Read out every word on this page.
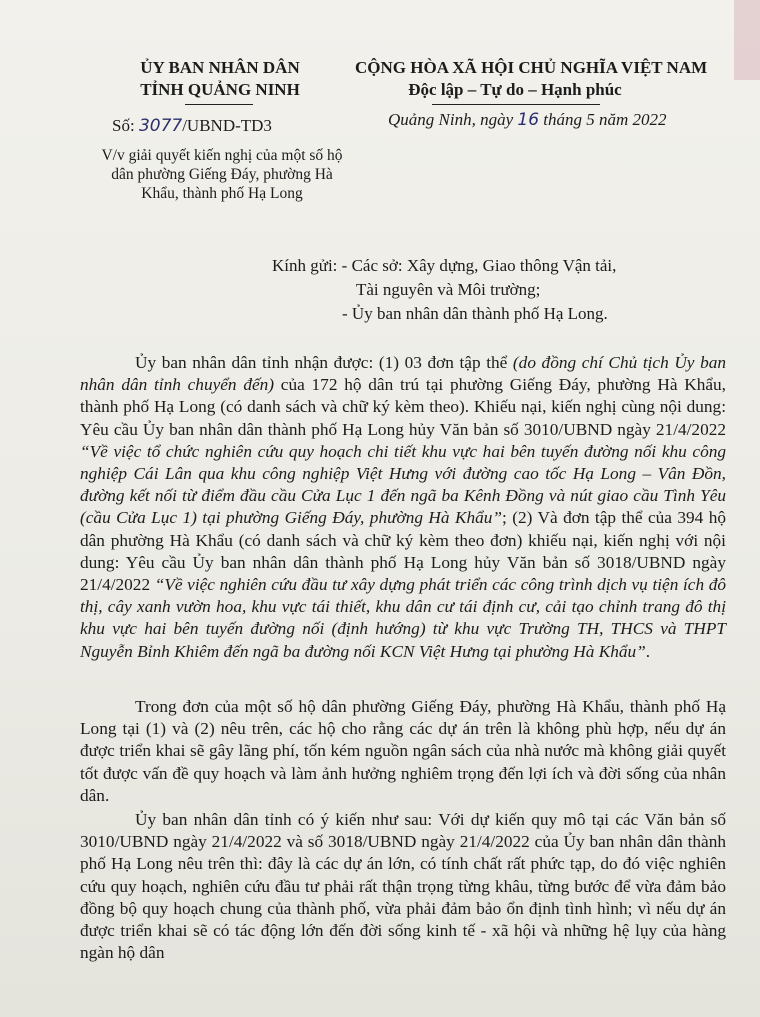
ỦY BAN NHÂN DÂN
TỈNH QUẢNG NINH
Số: 3077/UBND-TD3
V/v giải quyết kiến nghị của một số hộ
dân phường Giếng Đáy, phường Hà
Khẩu, thành phố Hạ Long
CỘNG HÒA XÃ HỘI CHỦ NGHĨA VIỆT NAM
Độc lập – Tự do – Hạnh phúc
Quảng Ninh, ngày 16 tháng 5 năm 2022
Kính gửi: - Các sở: Xây dựng, Giao thông Vận tải,
Tài nguyên và Môi trường;
- Ủy ban nhân dân thành phố Hạ Long.
Ủy ban nhân dân tỉnh nhận được: (1) 03 đơn tập thể (do đồng chí Chủ tịch Ủy ban nhân dân tỉnh chuyển đến) của 172 hộ dân trú tại phường Giếng Đáy, phường Hà Khẩu, thành phố Hạ Long (có danh sách và chữ ký kèm theo). Khiếu nại, kiến nghị cùng nội dung: Yêu cầu Ủy ban nhân dân thành phố Hạ Long hủy Văn bản số 3010/UBND ngày 21/4/2022 “Về việc tổ chức nghiên cứu quy hoạch chi tiết khu vực hai bên tuyến đường nối khu công nghiệp Cái Lân qua khu công nghiệp Việt Hưng với đường cao tốc Hạ Long – Vân Đồn, đường kết nối từ điểm đầu cầu Cửa Lục 1 đến ngã ba Kênh Đồng và nút giao cầu Tình Yêu (cầu Cửa Lục 1) tại phường Giếng Đáy, phường Hà Khẩu”; (2) Và đơn tập thể của 394 hộ dân phường Hà Khẩu (có danh sách và chữ ký kèm theo đơn) khiếu nại, kiến nghị với nội dung: Yêu cầu Ủy ban nhân dân thành phố Hạ Long hủy Văn bản số 3018/UBND ngày 21/4/2022 “Về việc nghiên cứu đầu tư xây dựng phát triển các công trình dịch vụ tiện ích đô thị, cây xanh vườn hoa, khu vực tái thiết, khu dân cư tái định cư, cải tạo chỉnh trang đô thị khu vực hai bên tuyến đường nối (định hướng) từ khu vực Trường TH, THCS và THPT Nguyễn Bỉnh Khiêm đến ngã ba đường nối KCN Việt Hưng tại phường Hà Khẩu”.
Trong đơn của một số hộ dân phường Giếng Đáy, phường Hà Khẩu, thành phố Hạ Long tại (1) và (2) nêu trên, các hộ cho rằng các dự án trên là không phù hợp, nếu dự án được triển khai sẽ gây lãng phí, tốn kém nguồn ngân sách của nhà nước mà không giải quyết tốt được vấn đề quy hoạch và làm ảnh hưởng nghiêm trọng đến lợi ích và đời sống của nhân dân.
Ủy ban nhân dân tỉnh có ý kiến như sau: Với dự kiến quy mô tại các Văn bản số 3010/UBND ngày 21/4/2022 và số 3018/UBND ngày 21/4/2022 của Ủy ban nhân dân thành phố Hạ Long nêu trên thì: đây là các dự án lớn, có tính chất rất phức tạp, do đó việc nghiên cứu quy hoạch, nghiên cứu đầu tư phải rất thận trọng từng khâu, từng bước để vừa đảm bảo đồng bộ quy hoạch chung của thành phố, vừa phải đảm bảo ổn định tình hình; vì nếu dự án được triển khai sẽ có tác động lớn đến đời sống kinh tế - xã hội và những hệ lụy của hàng ngàn hộ dân
